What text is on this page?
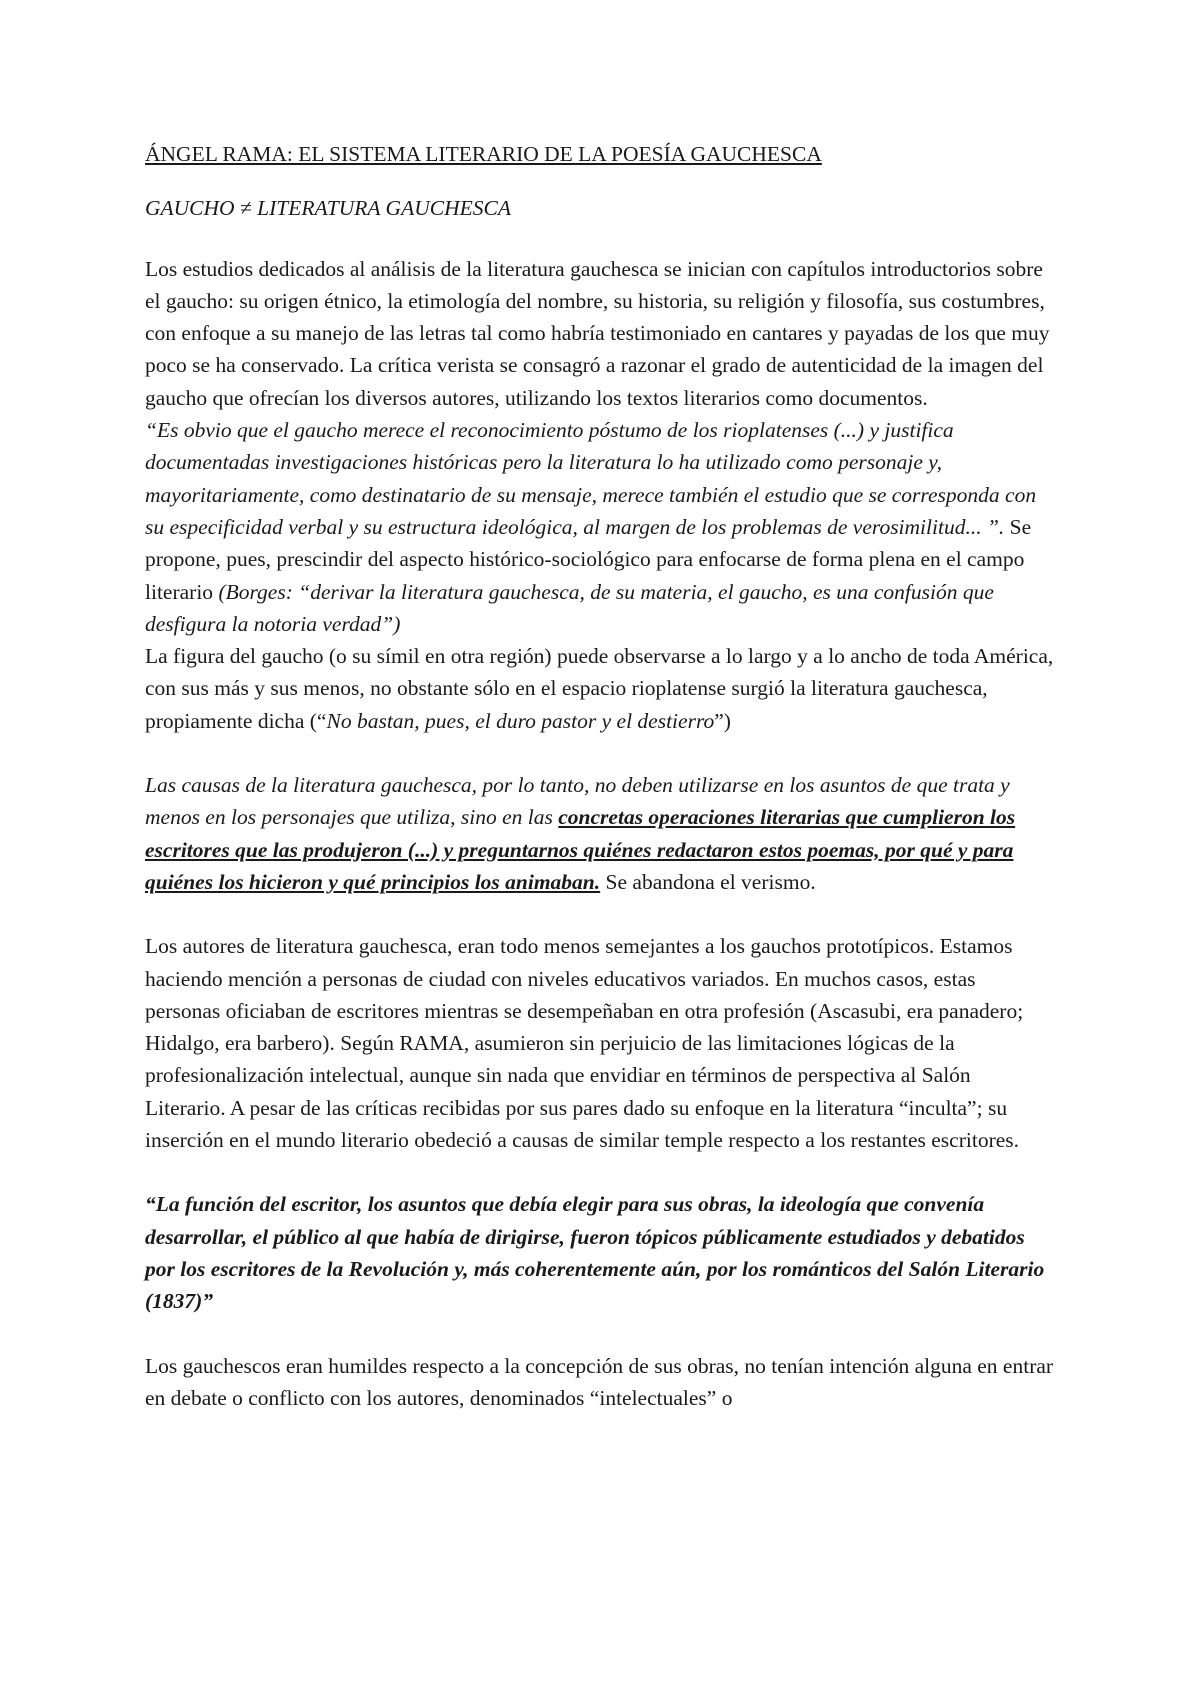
ÁNGEL RAMA: EL SISTEMA LITERARIO DE LA POESÍA GAUCHESCA
GAUCHO ≠ LITERATURA GAUCHESCA

Los estudios dedicados al análisis de la literatura gauchesca se inician con capítulos introductorios sobre el gaucho: su origen étnico, la etimología del nombre, su historia, su religión y filosofía, sus costumbres, con enfoque a su manejo de las letras tal como habría testimoniado en cantares y payadas de los que muy poco se ha conservado. La crítica verista se consagró a razonar el grado de autenticidad de la imagen del gaucho que ofrecían los diversos autores, utilizando los textos literarios como documentos.

“Es obvio que el gaucho merece el reconocimiento póstumo de los rioplatenses (...) y justifica documentadas investigaciones históricas pero la literatura lo ha utilizado como personaje y, mayoritariamente, como destinatario de su mensaje, merece también el estudio que se corresponda con su especificidad verbal y su estructura ideológica, al margen de los problemas de verosimilitud... ”. Se propone, pues, prescindir del aspecto histórico-sociológico para enfocarse de forma plena en el campo literario (Borges: “derivar la literatura gauchesca, de su materia, el gaucho, es una confusión que desfigura la notoria verdad”)

La figura del gaucho (o su símil en otra región) puede observarse a lo largo y a lo ancho de toda América, con sus más y sus menos, no obstante sólo en el espacio rioplatense surgió la literatura gauchesca, propiamente dicha (“No bastan, pues, el duro pastor y el destierro”)

Las causas de la literatura gauchesca, por lo tanto, no deben utilizarse en los asuntos de que trata y menos en los personajes que utiliza, sino en las concretas operaciones literarias que cumplieron los escritores que las produjeron (...) y preguntarnos quiénes redactaron estos poemas, por qué y para quiénes los hicieron y qué principios los animaban. Se abandona el verismo.

Los autores de literatura gauchesca, eran todo menos semejantes a los gauchos prototípicos. Estamos haciendo mención a personas de ciudad con niveles educativos variados. En muchos casos, estas personas oficiaban de escritores mientras se desempeñaban en otra profesión (Ascasubi, era panadero; Hidalgo, era barbero). Según RAMA, asumieron sin perjuicio de las limitaciones lógicas de la profesionalización intelectual, aunque sin nada que envidiar en términos de perspectiva al Salón Literario. A pesar de las críticas recibidas por sus pares dado su enfoque en la literatura “inculta”; su inserción en el mundo literario obedeció a causas de similar temple respecto a los restantes escritores.

“La función del escritor, los asuntos que debía elegir para sus obras, la ideología que convenía desarrollar, el público al que había de dirigirse, fueron tópicos públicamente estudiados y debatidos por los escritores de la Revolución y, más coherentemente aún, por los románticos del Salón Literario (1837)”

Los gauchescos eran humildes respecto a la concepción de sus obras, no tenían intención alguna en entrar en debate o conflicto con los autores, denominados “intelectuales” o
